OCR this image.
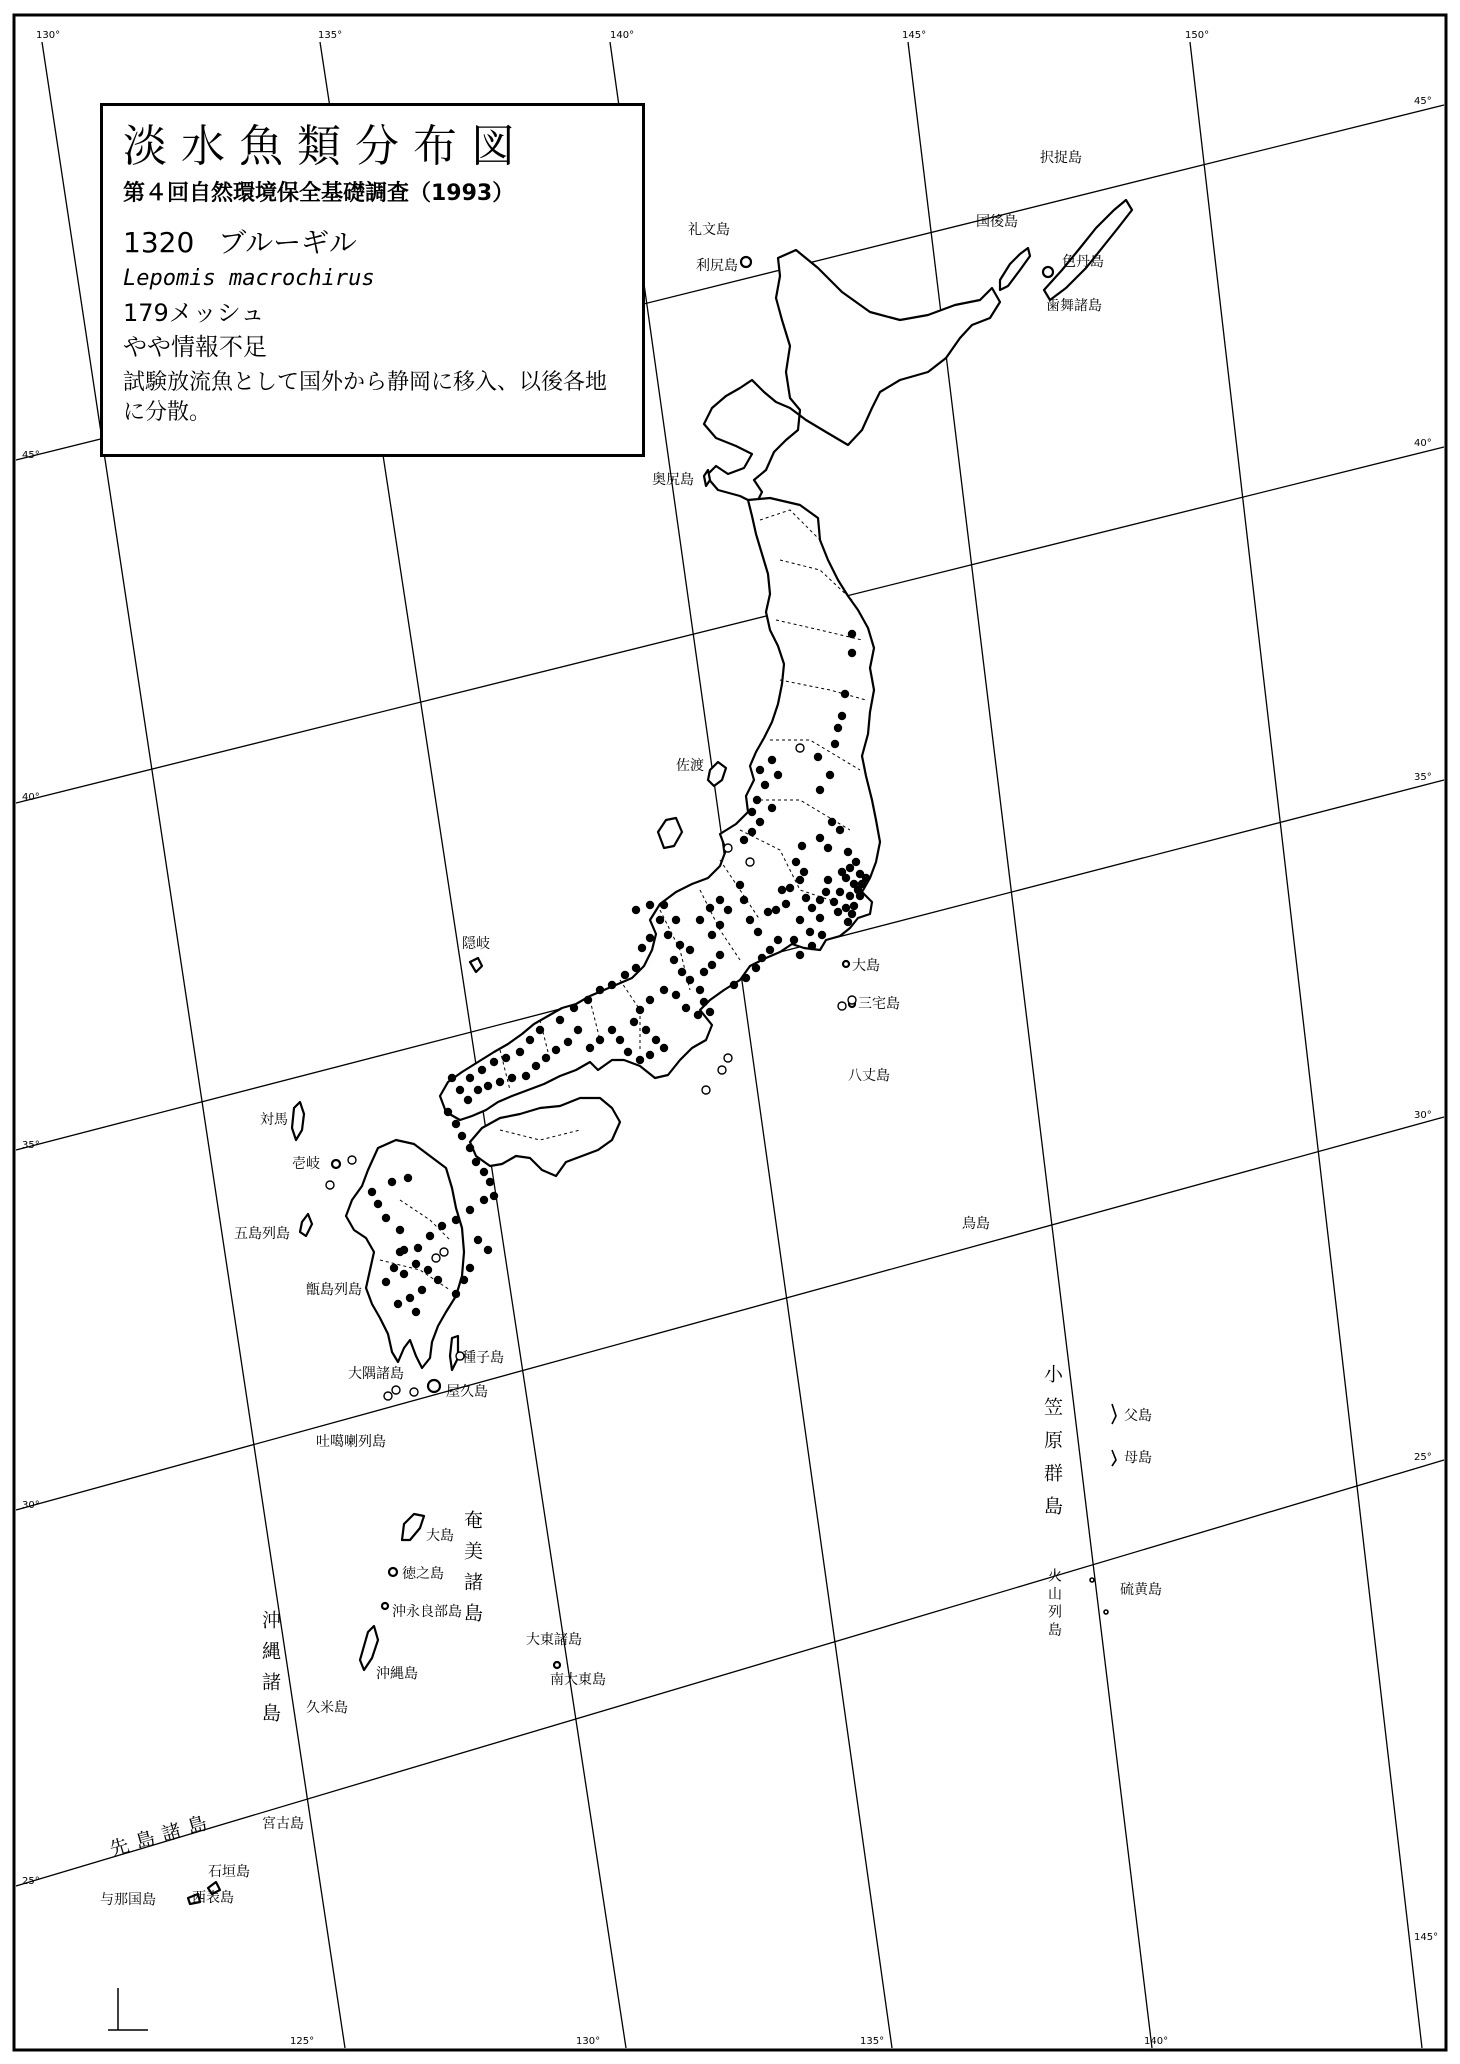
130°	135°	140°	145°	150°
125°	130°	135°	140°
145°
45°
45°
40°
40°
35°
35°
30°
30°
25°
25°
択捉島
国後島
色丹島
歯舞諸島
礼文島
利尻島
奥尻島
佐渡
隠岐
対馬
壱岐
五島列島
甑島列島
大島
三宅島
八丈島
鳥島
種子島
大隅諸島
屋久島
吐噶喇列島
大島
徳之島
沖永良部島
沖縄島
久米島
大東諸島
南大東島
父島
母島
硫黄島
宮古島
石垣島
与那国島	西表島
奄美諸島
沖縄諸島
小笠原群島
火山列島
先島諸島
淡水魚類分布図
第４回自然環境保全基礎調査（1993）
1320 ブルーギル
Lepomis macrochirus
179メッシュ
やや情報不足
試験放流魚として国外から静岡に移入、以後各地に分散。
